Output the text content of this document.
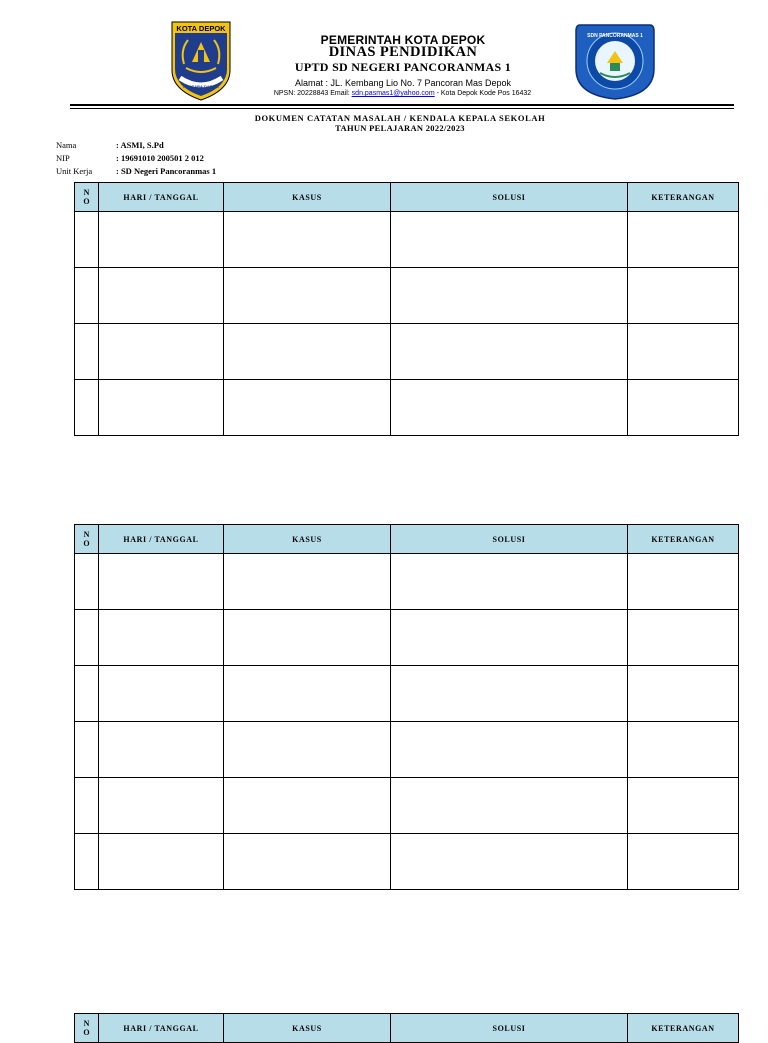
KOTA DEPOK
PANCARA DARMA
SDN PANCORANMAS 1
PEMERINTAH KOTA DEPOK
DINAS PENDIDIKAN
UPTD SD NEGERI PANCORANMAS 1
Alamat : JL. Kembang Lio No. 7 Pancoran Mas Depok
NPSN: 20228843 Email: sdn.pasmas1@yahoo.com - Kota Depok Kode Pos 16432
DOKUMEN CATATAN MASALAH / KENDALA KEPALA SEKOLAH
TAHUN PELAJARAN 2022/2023
Nama	: ASMI, S.Pd
NIP	: 19691010 200501 2 012
Unit Kerja	: SD Negeri Pancoranmas 1
N
O	HARI / TANGGAL	KASUS	SOLUSI	KETERANGAN

N
O	HARI / TANGGAL	KASUS	SOLUSI	KETERANGAN

N
O	HARI / TANGGAL	KASUS	SOLUSI	KETERANGAN
